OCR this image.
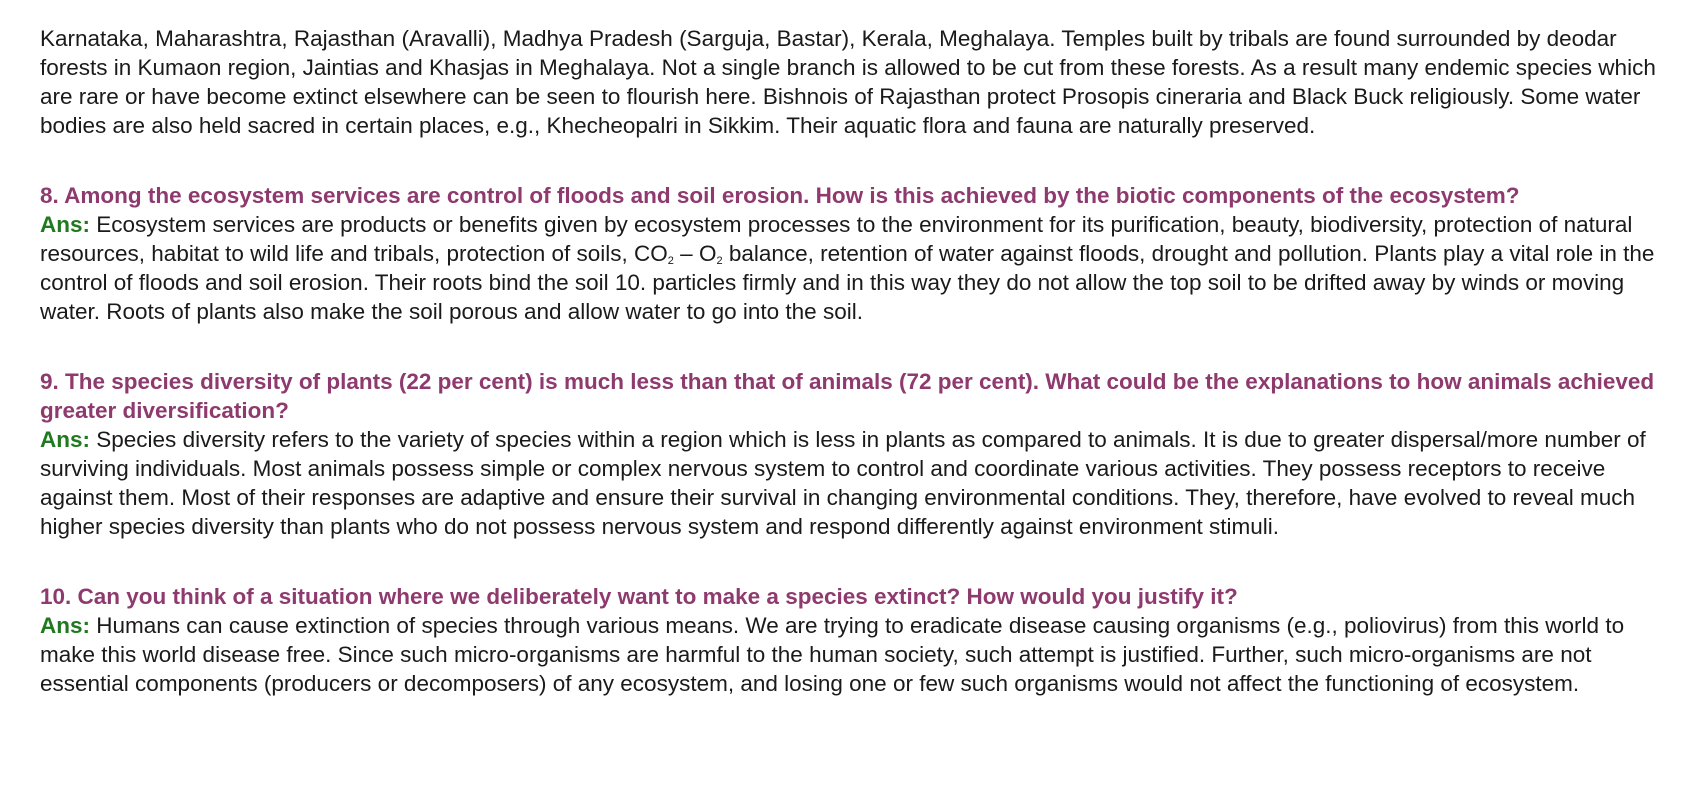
Karnataka, Maharashtra, Rajasthan (Aravalli), Madhya Pradesh (Sarguja, Bastar), Kerala, Meghalaya. Temples built by tribals are found surrounded by deodar forests in Kumaon region, Jaintias and Khasjas in Meghalaya. Not a single branch is allowed to be cut from these forests. As a result many endemic species which are rare or have become extinct elsewhere can be seen to flourish here. Bishnois of Rajasthan protect Prosopis cineraria and Black Buck religiously. Some water bodies are also held sacred in certain places, e.g., Khecheopalri in Sikkim. Their aquatic flora and fauna are naturally preserved.

8. Among the ecosystem services are control of floods and soil erosion. How is this achieved by the biotic components of the ecosystem?

Ans: Ecosystem services are products or benefits given by ecosystem processes to the environment for its purification, beauty, biodiversity, protection of natural resources, habitat to wild life and tribals, protection of soils, $CO_2 - O_2$ balance, retention of water against floods, drought and pollution. Plants play a vital role in the control of floods and soil erosion. Their roots bind the soil 10. particles firmly and in this way they do not allow the top soil to be drifted away by winds or moving water. Roots of plants also make the soil porous and allow water to go into the soil.

9. The species diversity of plants (22 per cent) is much less than that of animals (72 per cent). What could be the explanations to how animals achieved greater diversification?

Ans: Species diversity refers to the variety of species within a region which is less in plants as compared to animals. It is due to greater dispersal/more number of surviving individuals. Most animals possess simple or complex nervous system to control and coordinate various activities. They possess receptors to receive against them. Most of their responses are adaptive and ensure their survival in changing environmental conditions. They, therefore, have evolved to reveal much higher species diversity than plants who do not possess nervous system and respond differently against environment stimuli.

10. Can you think of a situation where we deliberately want to make a species extinct? How would you justify it?

Ans: Humans can cause extinction of species through various means. We are trying to eradicate disease causing organisms (e.g., poliovirus) from this world to make this world disease free. Since such micro-organisms are harmful to the human society, such attempt is justified. Further, such micro-organisms are not essential components (producers or decomposers) of any ecosystem, and losing one or few such organisms would not affect the functioning of ecosystem.
